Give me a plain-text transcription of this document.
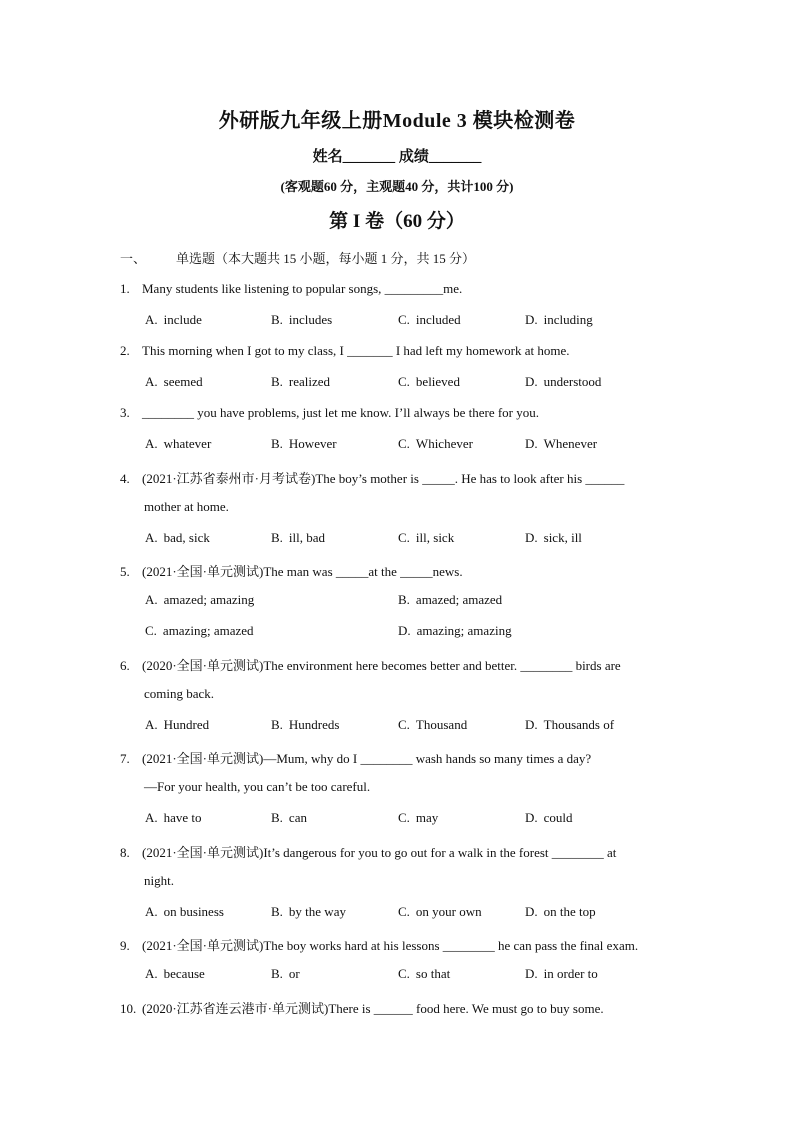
外研版九年级上册Module 3 模块检测卷
姓名_______ 成绩_______
(客观题60 分，主观题40 分，共计100 分)
第 I 卷（60 分）
一、 单选题（本大题共 15 小题，每小题 1 分，共 15 分）
1. Many students like listening to popular songs, _________me.
A. include	B. includes	C. included	D. including
2. This morning when I got to my class, I _______ I had left my homework at home.
A. seemed	B. realized	C. believed	D. understood
3. ________ you have problems, just let me know. I’ll always be there for you.
A. whatever	B. However	C. Whichever	D. Whenever
4. (2021·江苏省泰州市·月考试卷)The boy’s mother is _____. He has to look after his ______
mother at home.
A. bad, sick	B. ill, bad	C. ill, sick	D. sick, ill
5. (2021·全国·单元测试)The man was _____at the _____news.
A. amazed; amazing	B. amazed; amazed
C. amazing; amazed	D. amazing; amazing
6. (2020·全国·单元测试)The environment here becomes better and better. ________ birds are
coming back.
A. Hundred	B. Hundreds	C. Thousand	D. Thousands of
7. (2021·全国·单元测试)—Mum, why do I ________ wash hands so many times a day?
—For your health, you can’t be too careful.
A. have to	B. can	C. may	D. could
8. (2021·全国·单元测试)It’s dangerous for you to go out for a walk in the forest ________ at
night.
A. on business	B. by the way	C. on your own	D. on the top
9. (2021·全国·单元测试)The boy works hard at his lessons ________ he can pass the final exam.
A. because	B. or	C. so that	D. in order to
10. (2020·江苏省连云港市·单元测试)There is ______ food here. We must go to buy some.
